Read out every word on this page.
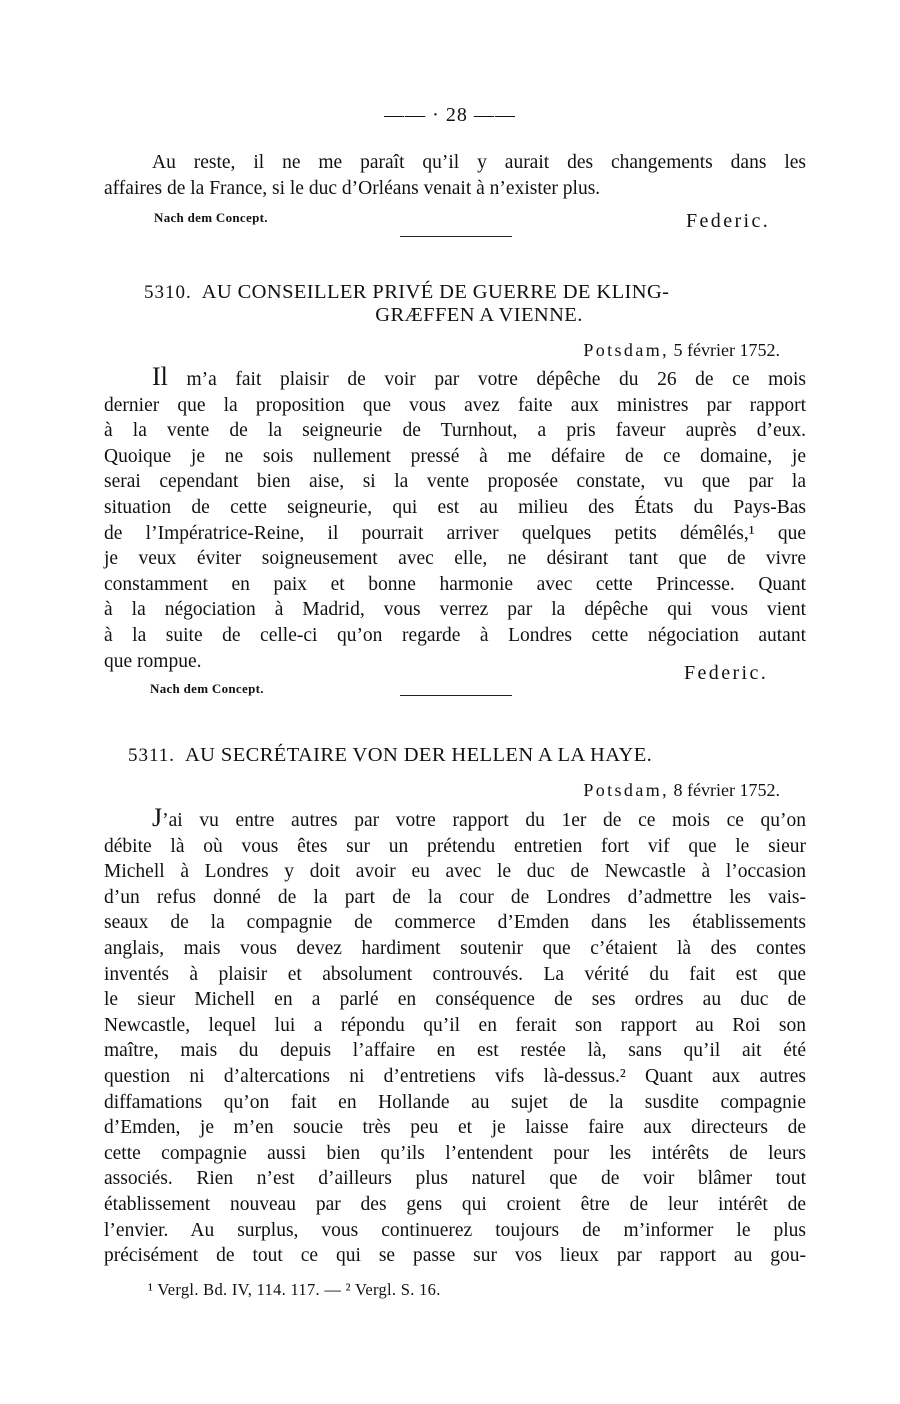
—— · 28 ——
Au reste, il ne me paraît qu’il y aurait des changements dans les
affaires de la France, si le duc d’Orléans venait à n’exister plus.
Nach dem Concept.	Federic.
5310. AU CONSEILLER PRIVÉ DE GUERRE DE KLING-
GRÆFFEN A VIENNE.
Potsdam, 5 février 1752.
Il m’a fait plaisir de voir par votre dépêche du 26 de ce mois
dernier que la proposition que vous avez faite aux ministres par rapport
à la vente de la seigneurie de Turnhout, a pris faveur auprès d’eux.
Quoique je ne sois nullement pressé à me défaire de ce domaine, je
serai cependant bien aise, si la vente proposée constate, vu que par la
situation de cette seigneurie, qui est au milieu des États du Pays-Bas
de l’Impératrice-Reine, il pourrait arriver quelques petits démêlés,¹ que
je veux éviter soigneusement avec elle, ne désirant tant que de vivre
constamment en paix et bonne harmonie avec cette Princesse. Quant
à la négociation à Madrid, vous verrez par la dépêche qui vous vient
à la suite de celle-ci qu’on regarde à Londres cette négociation autant
que rompue.
Federic.
Nach dem Concept.
5311. AU SECRÉTAIRE VON DER HELLEN A LA HAYE.
Potsdam, 8 février 1752.
J’ai vu entre autres par votre rapport du 1er de ce mois ce qu’on
débite là où vous êtes sur un prétendu entretien fort vif que le sieur
Michell à Londres y doit avoir eu avec le duc de Newcastle à l’occasion
d’un refus donné de la part de la cour de Londres d’admettre les vais-
seaux de la compagnie de commerce d’Emden dans les établissements
anglais, mais vous devez hardiment soutenir que c’étaient là des contes
inventés à plaisir et absolument controuvés. La vérité du fait est que
le sieur Michell en a parlé en conséquence de ses ordres au duc de
Newcastle, lequel lui a répondu qu’il en ferait son rapport au Roi son
maître, mais du depuis l’affaire en est restée là, sans qu’il ait été
question ni d’altercations ni d’entretiens vifs là-dessus.² Quant aux autres
diffamations qu’on fait en Hollande au sujet de la susdite compagnie
d’Emden, je m’en soucie très peu et je laisse faire aux directeurs de
cette compagnie aussi bien qu’ils l’entendent pour les intérêts de leurs
associés. Rien n’est d’ailleurs plus naturel que de voir blâmer tout
établissement nouveau par des gens qui croient être de leur intérêt de
l’envier. Au surplus, vous continuerez toujours de m’informer le plus
précisément de tout ce qui se passe sur vos lieux par rapport au gou-
¹ Vergl. Bd. IV, 114. 117. — ² Vergl. S. 16.
